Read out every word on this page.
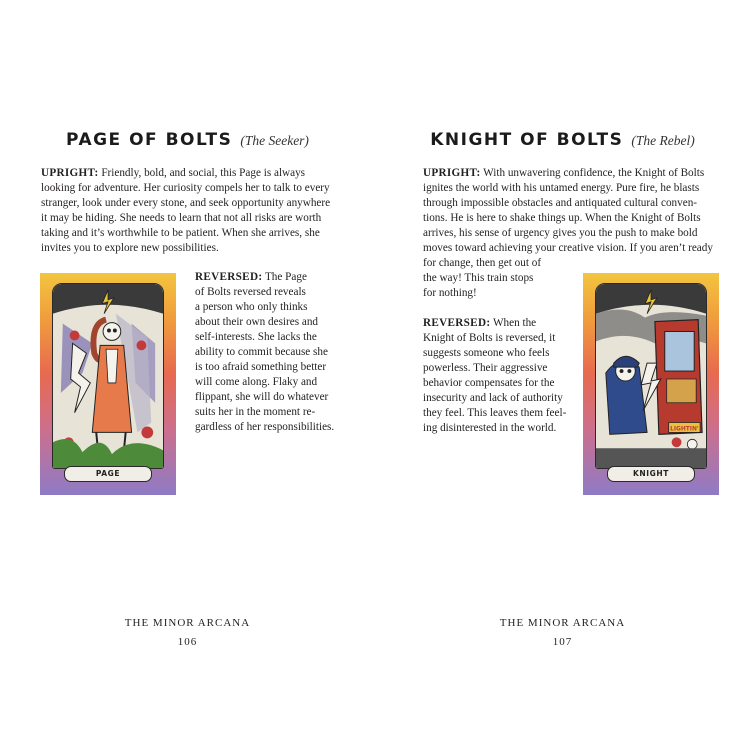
PAGE OF BOLTS (The Seeker)
UPRIGHT: Friendly, bold, and social, this Page is always
looking for adventure. Her curiosity compels her to talk to every
stranger, look under every stone, and seek opportunity anywhere
it may be hiding. She needs to learn that not all risks are worth
taking and it’s worthwhile to be patient. When she arrives, she
invites you to explore new possibilities.
PAGE
REVERSED: The Page
of Bolts reversed reveals
a person who only thinks
about their own desires and
self-interests. She lacks the
ability to commit because she
is too afraid something better
will come along. Flaky and
flippant, she will do whatever
suits her in the moment re-
gardless of her responsibilities.
THE MINOR ARCANA
106
KNIGHT OF BOLTS (The Rebel)
UPRIGHT: With unwavering confidence, the Knight of Bolts
ignites the world with his untamed energy. Pure fire, he blasts
through impossible obstacles and antiquated cultural conven-
tions. He is here to shake things up. When the Knight of Bolts
arrives, his sense of urgency gives you the push to make bold
moves toward achieving your creative vision. If you aren’t ready
for change, then get out of
the way! This train stops
for nothing!
REVERSED: When the
Knight of Bolts is reversed, it
suggests someone who feels
powerless. Their aggressive
behavior compensates for the
insecurity and lack of authority
they feel. This leaves them feel-
ing disinterested in the world.	LIGHTIN'
KNIGHT
THE MINOR ARCANA
107
